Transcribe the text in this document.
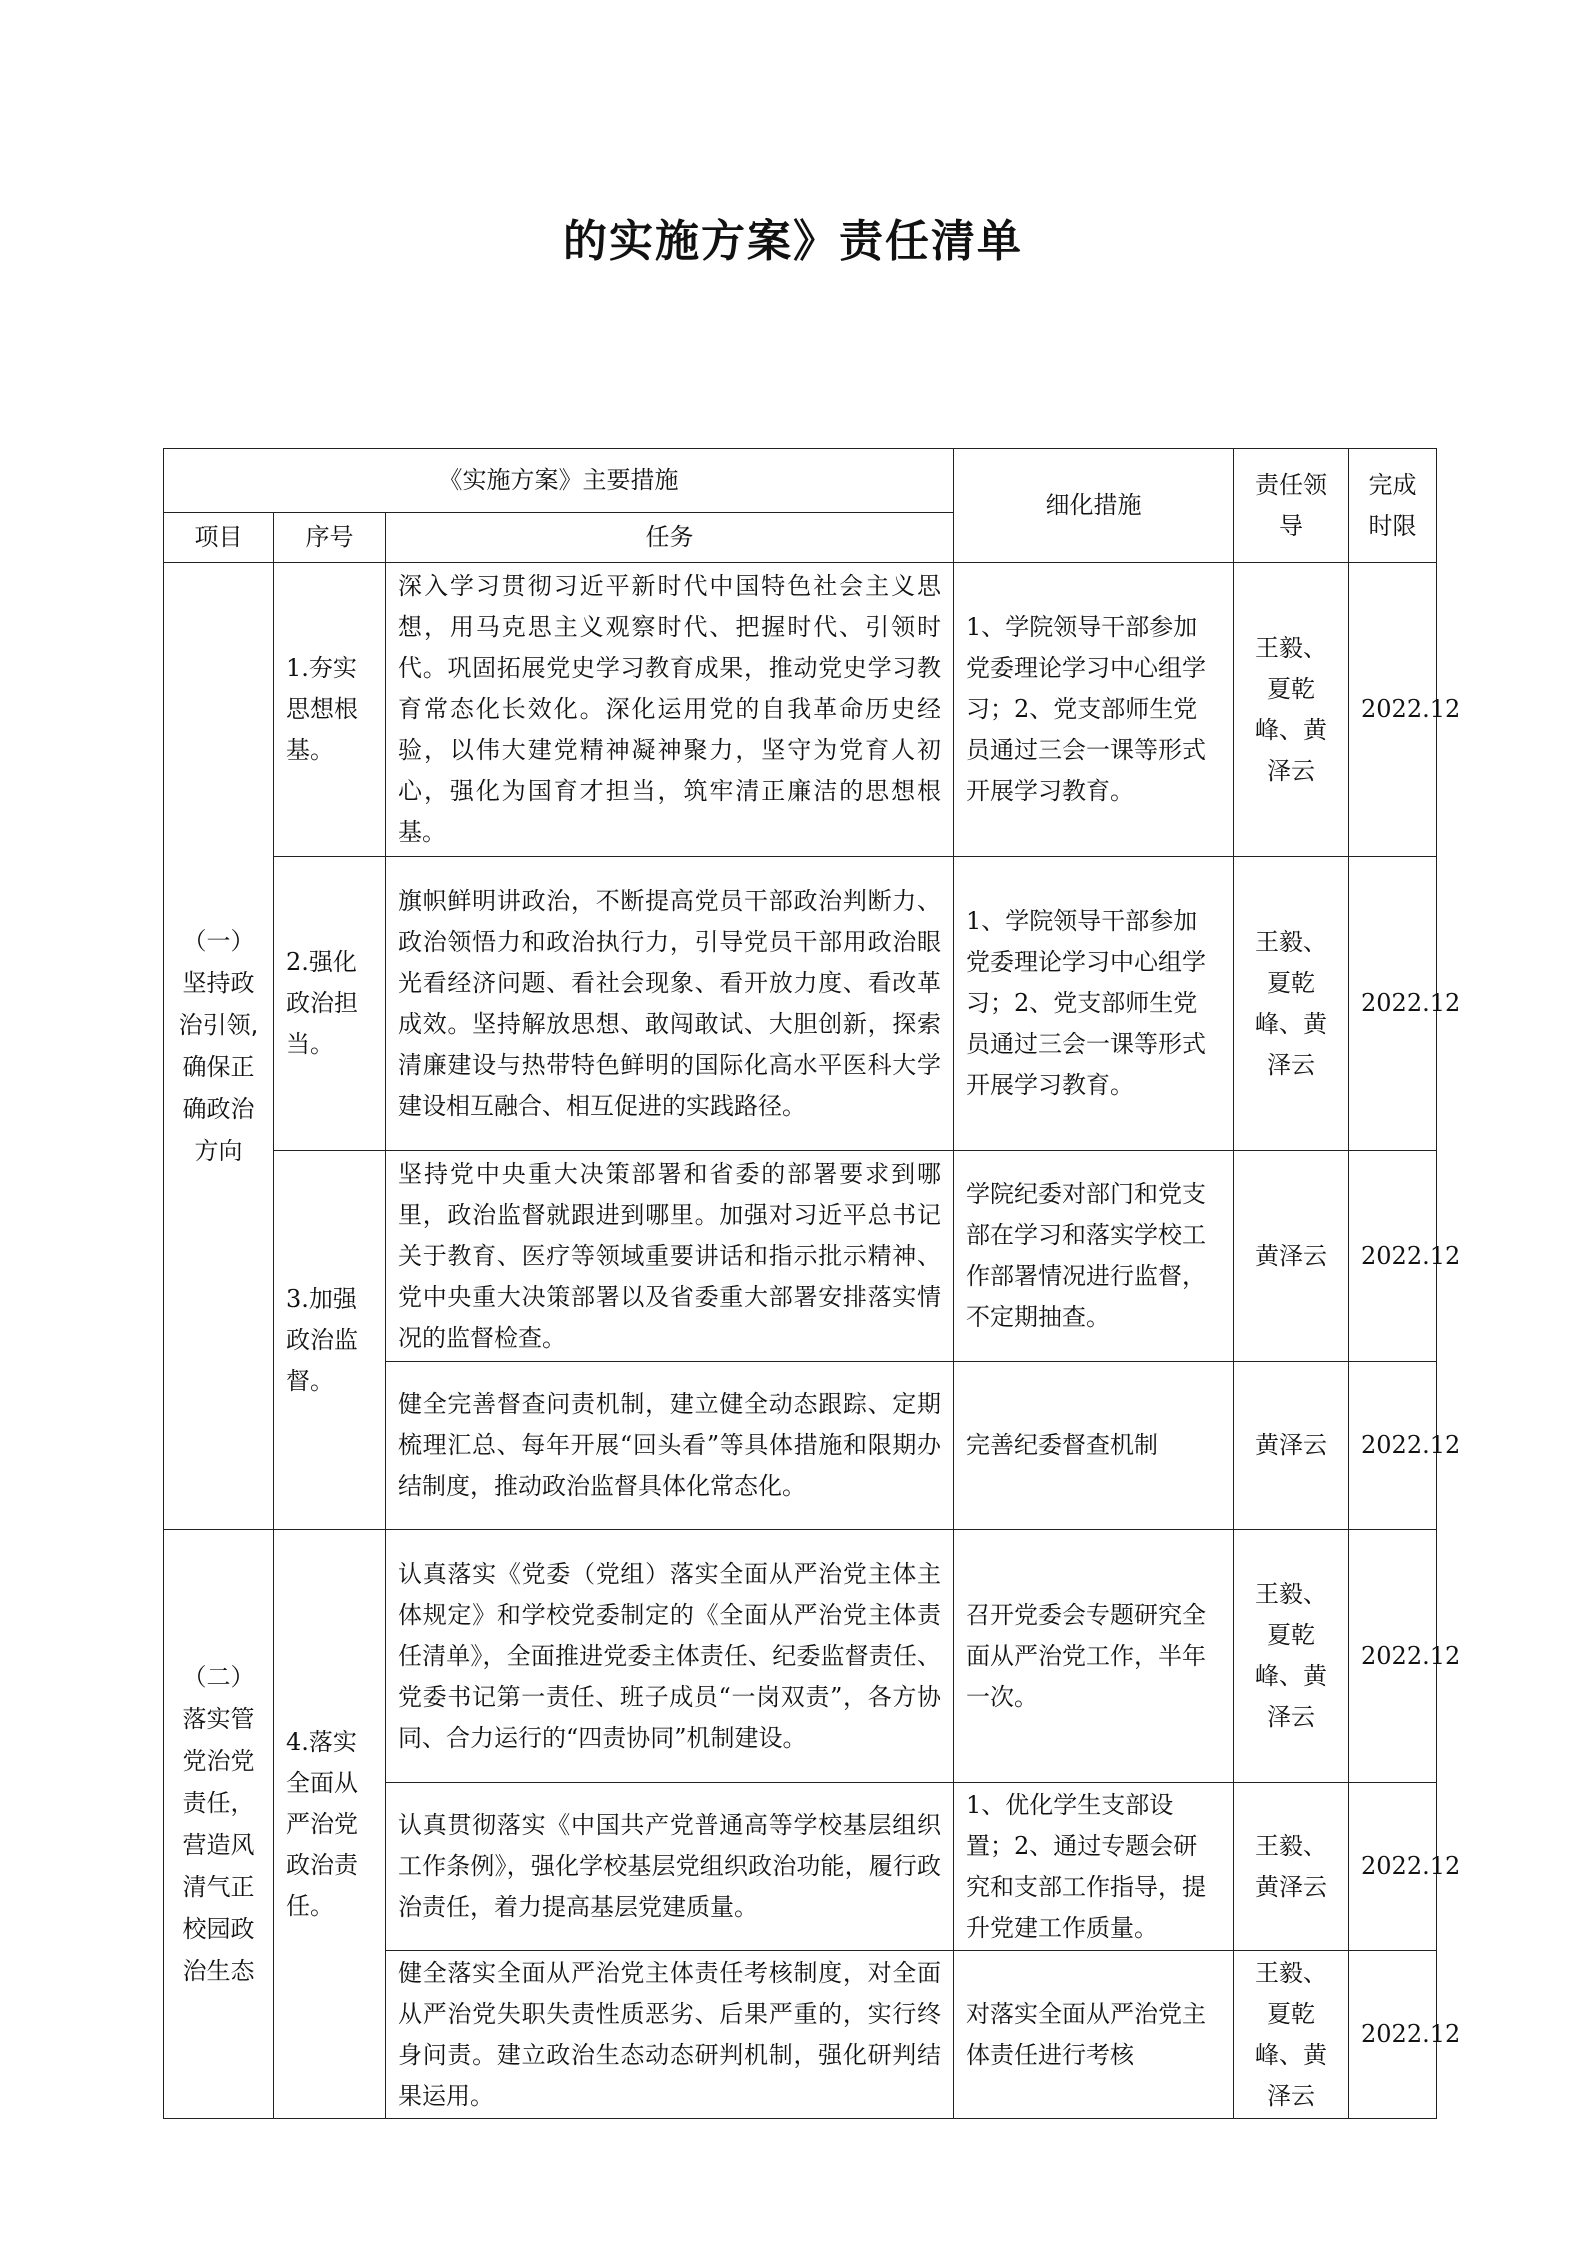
的实施方案》责任清单
《实施方案》主要措施			细化措施	责任领导	完成时限
项目	序号	任务			
（一）坚持政治引领,确保正确政治方向	1.夯实思想根基。	深入学习贯彻习近平新时代中国特色社会主义思想，用马克思主义观察时代、把握时代、引领时代。巩固拓展党史学习教育成果，推动党史学习教育常态化长效化。深化运用党的自我革命历史经验，以伟大建党精神凝神聚力，坚守为党育人初心，强化为国育才担当，筑牢清正廉洁的思想根基。	1、学院领导干部参加党委理论学习中心组学习；2、党支部师生党员通过三会一课等形式开展学习教育。	王毅、夏乾峰、黄泽云	2022.12
	2.强化政治担当。	旗帜鲜明讲政治，不断提高党员干部政治判断力、政治领悟力和政治执行力，引导党员干部用政治眼光看经济问题、看社会现象、看开放力度、看改革成效。坚持解放思想、敢闯敢试、大胆创新，探索清廉建设与热带特色鲜明的国际化高水平医科大学建设相互融合、相互促进的实践路径。	1、学院领导干部参加党委理论学习中心组学习；2、党支部师生党员通过三会一课等形式开展学习教育。	王毅、夏乾峰、黄泽云	2022.12
	3.加强政治监督。	坚持党中央重大决策部署和省委的部署要求到哪里，政治监督就跟进到哪里。加强对习近平总书记关于教育、医疗等领域重要讲话和指示批示精神、党中央重大决策部署以及省委重大部署安排落实情况的监督检查。	学院纪委对部门和党支部在学习和落实学校工作部署情况进行监督，不定期抽查。	黄泽云	2022.12
		健全完善督查问责机制，建立健全动态跟踪、定期梳理汇总、每年开展“回头看”等具体措施和限期办结制度，推动政治监督具体化常态化。	完善纪委督查机制	黄泽云	2022.12
（二）落实管党治党责任，营造风清气正校园政治生态	4.落实全面从严治党政治责任。	认真落实《党委（党组）落实全面从严治党主体主体规定》和学校党委制定的《全面从严治党主体责任清单》，全面推进党委主体责任、纪委监督责任、党委书记第一责任、班子成员“一岗双责”，各方协同、合力运行的“四责协同”机制建设。	召开党委会专题研究全面从严治党工作，半年一次。	王毅、夏乾峰、黄泽云	2022.12
		认真贯彻落实《中国共产党普通高等学校基层组织工作条例》，强化学校基层党组织政治功能，履行政治责任，着力提高基层党建质量。	1、优化学生支部设置；2、通过专题会研究和支部工作指导，提升党建工作质量。	王毅、黄泽云	2022.12
		健全落实全面从严治党主体责任考核制度，对全面从严治党失职失责性质恶劣、后果严重的，实行终身问责。建立政治生态动态研判机制，强化研判结果运用。	对落实全面从严治党主体责任进行考核	王毅、夏乾峰、黄泽云	2022.12
